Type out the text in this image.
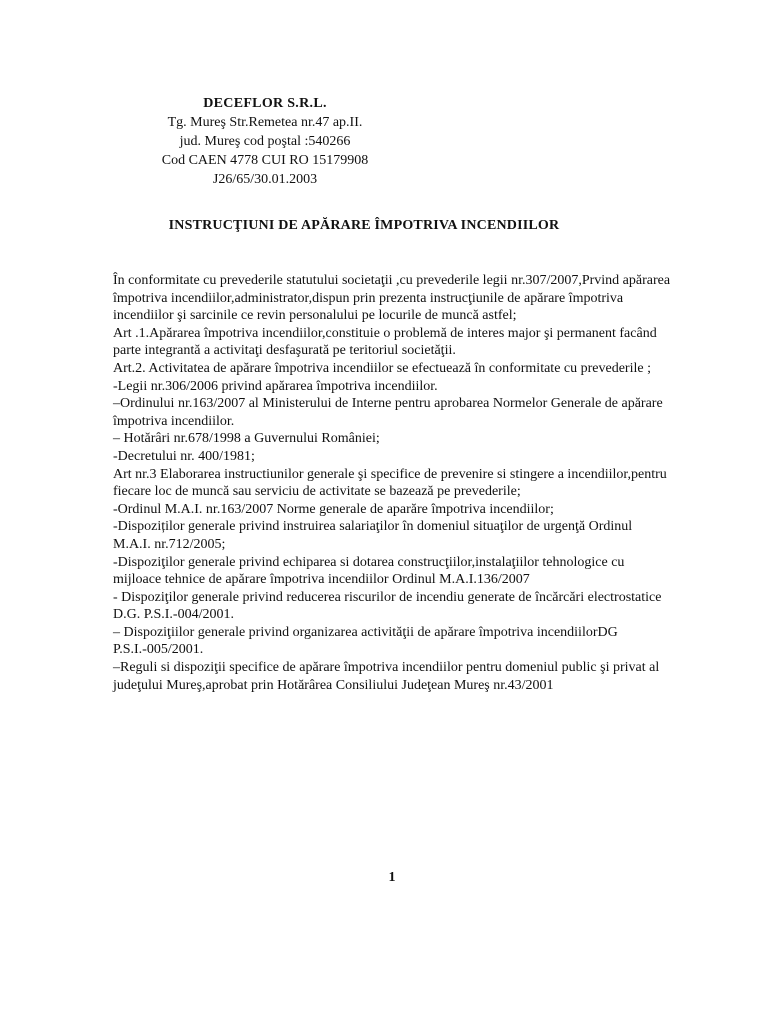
DECEFLOR S.R.L.
Tg. Mureş Str.Remetea nr.47 ap.II.
jud. Mureş cod poştal :540266
Cod CAEN 4778 CUI RO 15179908
J26/65/30.01.2003
INSTRUCŢIUNI DE APĂRARE ÎMPOTRIVA INCENDIILOR

În conformitate cu prevederile statutului societaţii ,cu prevederile legii nr.307/2007,Prvind apărarea împotriva incendiilor,administrator,dispun prin prezenta instrucţiunile de apărare împotriva incendiilor şi sarcinile ce revin personalului pe locurile de muncă astfel;

Art .1.Apărarea împotriva incendiilor,constituie o problemă de interes major şi permanent facând parte integrantă a activitaţi desfaşurată pe teritoriul societăţii.

Art.2. Activitatea de apărare împotriva incendiilor se efectuează în conformitate cu prevederile ;

-Legii nr.306/2006 privind apărarea împotriva incendiilor.

–Ordinului nr.163/2007 al Ministerului de Interne pentru aprobarea Normelor Generale de apărare împotriva incendiilor.

– Hotărâri nr.678/1998 a Guvernului României;

-Decretului nr. 400/1981;

Art nr.3 Elaborarea instructiunilor generale şi specifice de prevenire si stingere a incendiilor,pentru fiecare loc de muncă sau serviciu de activitate se bazează pe prevederile;

-Ordinul M.A.I. nr.163/2007 Norme generale de aparăre împotriva incendiilor;

-Dispoziților generale privind instruirea salariaţilor în domeniul situaţilor de urgenţă Ordinul M.A.I. nr.712/2005;

-Dispoziţilor generale privind echiparea si dotarea construcţiilor,instalaţiilor tehnologice cu mijloace tehnice de apărare împotriva incendiilor Ordinul M.A.I.136/2007

- Dispoziţilor generale privind reducerea riscurilor de incendiu generate de încărcări electrostatice D.G. P.S.I.-004/2001.

– Dispoziţiilor generale privind organizarea activităţii de apărare împotriva incendiilorDG P.S.I.-005/2001.

–Reguli si dispoziţii specifice de apărare împotriva incendiilor pentru domeniul public şi privat al judeţului Mureş,aprobat prin Hotărârea Consiliului Judeţean Mureş nr.43/2001

1
